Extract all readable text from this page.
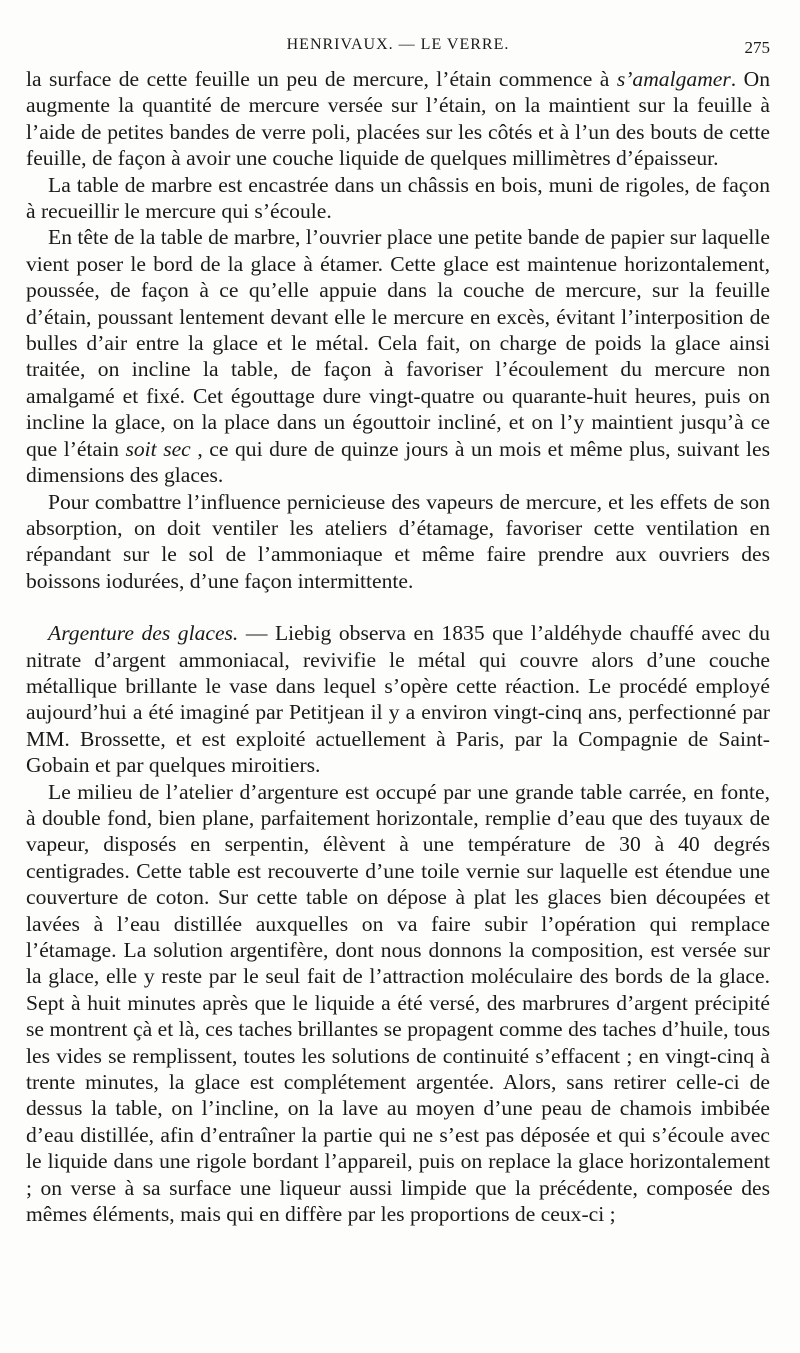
HENRIVAUX. — LE VERRE.	275

la surface de cette feuille un peu de mercure, l’étain commence à s’amalgamer. On augmente la quantité de mercure versée sur l’étain, on la maintient sur la feuille à l’aide de petites bandes de verre poli, placées sur les côtés et à l’un des bouts de cette feuille, de façon à avoir une couche liquide de quelques millimètres d’épaisseur.

La table de marbre est encastrée dans un châssis en bois, muni de rigoles, de façon à recueillir le mercure qui s’écoule.

En tête de la table de marbre, l’ouvrier place une petite bande de papier sur laquelle vient poser le bord de la glace à étamer. Cette glace est maintenue horizontalement, poussée, de façon à ce qu’elle appuie dans la couche de mercure, sur la feuille d’étain, poussant lentement devant elle le mercure en excès, évitant l’interposition de bulles d’air entre la glace et le métal. Cela fait, on charge de poids la glace ainsi traitée, on incline la table, de façon à favoriser l’écoulement du mercure non amalgamé et fixé. Cet égouttage dure vingt-quatre ou quarante-huit heures, puis on incline la glace, on la place dans un égouttoir incliné, et on l’y maintient jusqu’à ce que l’étain soit sec , ce qui dure de quinze jours à un mois et même plus, suivant les dimensions des glaces.

Pour combattre l’influence pernicieuse des vapeurs de mercure, et les effets de son absorption, on doit ventiler les ateliers d’étamage, favoriser cette ventilation en répandant sur le sol de l’ammoniaque et même faire prendre aux ouvriers des boissons iodurées, d’une façon intermittente.

Argenture des glaces. — Liebig observa en 1835 que l’aldéhyde chauffé avec du nitrate d’argent ammoniacal, revivifie le métal qui couvre alors d’une couche métallique brillante le vase dans lequel s’opère cette réaction. Le procédé employé aujourd’hui a été imaginé par Petitjean il y a environ vingt-cinq ans, perfectionné par MM. Brossette, et est exploité actuellement à Paris, par la Compagnie de Saint-Gobain et par quelques miroitiers.

Le milieu de l’atelier d’argenture est occupé par une grande table carrée, en fonte, à double fond, bien plane, parfaitement horizontale, remplie d’eau que des tuyaux de vapeur, disposés en serpentin, élèvent à une température de 30 à 40 degrés centigrades. Cette table est recouverte d’une toile vernie sur laquelle est étendue une couverture de coton. Sur cette table on dépose à plat les glaces bien découpées et lavées à l’eau distillée auxquelles on va faire subir l’opération qui remplace l’étamage. La solution argentifère, dont nous donnons la composition, est versée sur la glace, elle y reste par le seul fait de l’attraction moléculaire des bords de la glace. Sept à huit minutes après que le liquide a été versé, des marbrures d’argent précipité se montrent çà et là, ces taches brillantes se propagent comme des taches d’huile, tous les vides se remplissent, toutes les solutions de continuité s’effacent ; en vingt-cinq à trente minutes, la glace est complétement argentée. Alors, sans retirer celle-ci de dessus la table, on l’incline, on la lave au moyen d’une peau de chamois imbibée d’eau distillée, afin d’entraîner la partie qui ne s’est pas déposée et qui s’écoule avec le liquide dans une rigole bordant l’appareil, puis on replace la glace horizontalement ; on verse à sa surface une liqueur aussi limpide que la précédente, composée des mêmes éléments, mais qui en diffère par les proportions de ceux-ci ;
